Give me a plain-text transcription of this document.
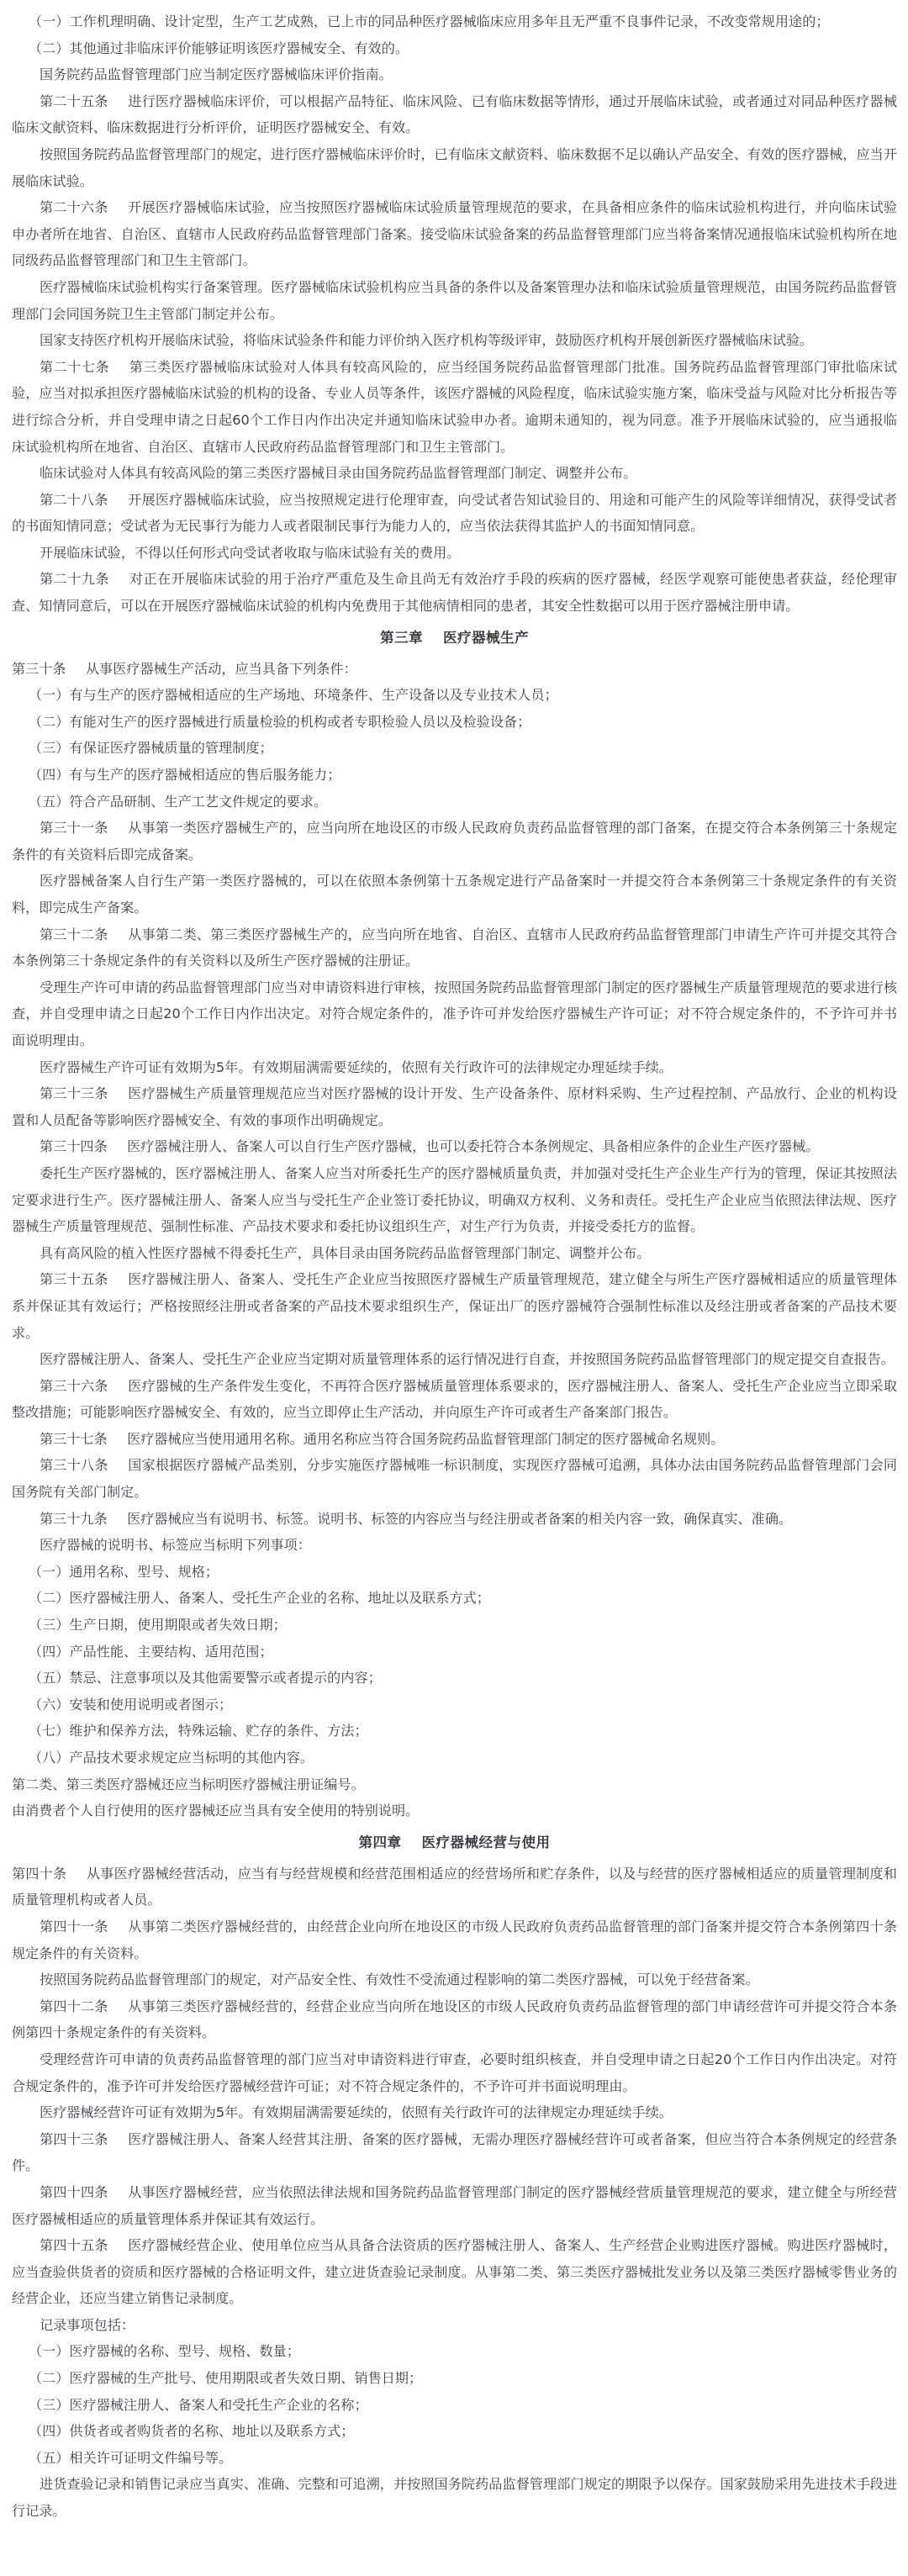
（一）工作机理明确、设计定型，生产工艺成熟，已上市的同品种医疗器械临床应用多年且无严重不良事件记录，不改变常规用途的；

（二）其他通过非临床评价能够证明该医疗器械安全、有效的。

国务院药品监督管理部门应当制定医疗器械临床评价指南。

第二十五条 进行医疗器械临床评价，可以根据产品特征、临床风险、已有临床数据等情形，通过开展临床试验，或者通过对同品种医疗器械临床文献资料、临床数据进行分析评价，证明医疗器械安全、有效。

按照国务院药品监督管理部门的规定，进行医疗器械临床评价时，已有临床文献资料、临床数据不足以确认产品安全、有效的医疗器械，应当开展临床试验。

第二十六条 开展医疗器械临床试验，应当按照医疗器械临床试验质量管理规范的要求，在具备相应条件的临床试验机构进行，并向临床试验申办者所在地省、自治区、直辖市人民政府药品监督管理部门备案。接受临床试验备案的药品监督管理部门应当将备案情况通报临床试验机构所在地同级药品监督管理部门和卫生主管部门。

医疗器械临床试验机构实行备案管理。医疗器械临床试验机构应当具备的条件以及备案管理办法和临床试验质量管理规范，由国务院药品监督管理部门会同国务院卫生主管部门制定并公布。

国家支持医疗机构开展临床试验，将临床试验条件和能力评价纳入医疗机构等级评审，鼓励医疗机构开展创新医疗器械临床试验。

第二十七条 第三类医疗器械临床试验对人体具有较高风险的，应当经国务院药品监督管理部门批准。国务院药品监督管理部门审批临床试验，应当对拟承担医疗器械临床试验的机构的设备、专业人员等条件，该医疗器械的风险程度，临床试验实施方案，临床受益与风险对比分析报告等进行综合分析，并自受理申请之日起60个工作日内作出决定并通知临床试验申办者。逾期未通知的，视为同意。准予开展临床试验的，应当通报临床试验机构所在地省、自治区、直辖市人民政府药品监督管理部门和卫生主管部门。

临床试验对人体具有较高风险的第三类医疗器械目录由国务院药品监督管理部门制定、调整并公布。

第二十八条 开展医疗器械临床试验，应当按照规定进行伦理审查，向受试者告知试验目的、用途和可能产生的风险等详细情况，获得受试者的书面知情同意；受试者为无民事行为能力人或者限制民事行为能力人的，应当依法获得其监护人的书面知情同意。

开展临床试验，不得以任何形式向受试者收取与临床试验有关的费用。

第二十九条 对正在开展临床试验的用于治疗严重危及生命且尚无有效治疗手段的疾病的医疗器械，经医学观察可能使患者获益，经伦理审查、知情同意后，可以在开展医疗器械临床试验的机构内免费用于其他病情相同的患者，其安全性数据可以用于医疗器械注册申请。

第三章 医疗器械生产

第三十条 从事医疗器械生产活动，应当具备下列条件：

（一）有与生产的医疗器械相适应的生产场地、环境条件、生产设备以及专业技术人员；

（二）有能对生产的医疗器械进行质量检验的机构或者专职检验人员以及检验设备；

（三）有保证医疗器械质量的管理制度；

（四）有与生产的医疗器械相适应的售后服务能力；

（五）符合产品研制、生产工艺文件规定的要求。

第三十一条 从事第一类医疗器械生产的，应当向所在地设区的市级人民政府负责药品监督管理的部门备案，在提交符合本条例第三十条规定条件的有关资料后即完成备案。

医疗器械备案人自行生产第一类医疗器械的，可以在依照本条例第十五条规定进行产品备案时一并提交符合本条例第三十条规定条件的有关资料，即完成生产备案。

第三十二条 从事第二类、第三类医疗器械生产的，应当向所在地省、自治区、直辖市人民政府药品监督管理部门申请生产许可并提交其符合本条例第三十条规定条件的有关资料以及所生产医疗器械的注册证。

受理生产许可申请的药品监督管理部门应当对申请资料进行审核，按照国务院药品监督管理部门制定的医疗器械生产质量管理规范的要求进行核查，并自受理申请之日起20个工作日内作出决定。对符合规定条件的，准予许可并发给医疗器械生产许可证；对不符合规定条件的，不予许可并书面说明理由。

医疗器械生产许可证有效期为5年。有效期届满需要延续的，依照有关行政许可的法律规定办理延续手续。

第三十三条 医疗器械生产质量管理规范应当对医疗器械的设计开发、生产设备条件、原材料采购、生产过程控制、产品放行、企业的机构设置和人员配备等影响医疗器械安全、有效的事项作出明确规定。

第三十四条 医疗器械注册人、备案人可以自行生产医疗器械，也可以委托符合本条例规定、具备相应条件的企业生产医疗器械。

委托生产医疗器械的，医疗器械注册人、备案人应当对所委托生产的医疗器械质量负责，并加强对受托生产企业生产行为的管理，保证其按照法定要求进行生产。医疗器械注册人、备案人应当与受托生产企业签订委托协议，明确双方权利、义务和责任。受托生产企业应当依照法律法规、医疗器械生产质量管理规范、强制性标准、产品技术要求和委托协议组织生产，对生产行为负责，并接受委托方的监督。

具有高风险的植入性医疗器械不得委托生产，具体目录由国务院药品监督管理部门制定、调整并公布。

第三十五条 医疗器械注册人、备案人、受托生产企业应当按照医疗器械生产质量管理规范，建立健全与所生产医疗器械相适应的质量管理体系并保证其有效运行；严格按照经注册或者备案的产品技术要求组织生产，保证出厂的医疗器械符合强制性标准以及经注册或者备案的产品技术要求。

医疗器械注册人、备案人、受托生产企业应当定期对质量管理体系的运行情况进行自查，并按照国务院药品监督管理部门的规定提交自查报告。

第三十六条 医疗器械的生产条件发生变化，不再符合医疗器械质量管理体系要求的，医疗器械注册人、备案人、受托生产企业应当立即采取整改措施；可能影响医疗器械安全、有效的，应当立即停止生产活动，并向原生产许可或者生产备案部门报告。

第三十七条 医疗器械应当使用通用名称。通用名称应当符合国务院药品监督管理部门制定的医疗器械命名规则。

第三十八条 国家根据医疗器械产品类别，分步实施医疗器械唯一标识制度，实现医疗器械可追溯，具体办法由国务院药品监督管理部门会同国务院有关部门制定。

第三十九条 医疗器械应当有说明书、标签。说明书、标签的内容应当与经注册或者备案的相关内容一致，确保真实、准确。

医疗器械的说明书、标签应当标明下列事项：

（一）通用名称、型号、规格；

（二）医疗器械注册人、备案人、受托生产企业的名称、地址以及联系方式；

（三）生产日期，使用期限或者失效日期；

（四）产品性能、主要结构、适用范围；

（五）禁忌、注意事项以及其他需要警示或者提示的内容；

（六）安装和使用说明或者图示；

（七）维护和保养方法，特殊运输、贮存的条件、方法；

（八）产品技术要求规定应当标明的其他内容。

第二类、第三类医疗器械还应当标明医疗器械注册证编号。

由消费者个人自行使用的医疗器械还应当具有安全使用的特别说明。

第四章 医疗器械经营与使用

第四十条 从事医疗器械经营活动，应当有与经营规模和经营范围相适应的经营场所和贮存条件，以及与经营的医疗器械相适应的质量管理制度和质量管理机构或者人员。

第四十一条 从事第二类医疗器械经营的，由经营企业向所在地设区的市级人民政府负责药品监督管理的部门备案并提交符合本条例第四十条规定条件的有关资料。

按照国务院药品监督管理部门的规定，对产品安全性、有效性不受流通过程影响的第二类医疗器械，可以免于经营备案。

第四十二条 从事第三类医疗器械经营的，经营企业应当向所在地设区的市级人民政府负责药品监督管理的部门申请经营许可并提交符合本条例第四十条规定条件的有关资料。

受理经营许可申请的负责药品监督管理的部门应当对申请资料进行审查，必要时组织核查，并自受理申请之日起20个工作日内作出决定。对符合规定条件的，准予许可并发给医疗器械经营许可证；对不符合规定条件的，不予许可并书面说明理由。

医疗器械经营许可证有效期为5年。有效期届满需要延续的，依照有关行政许可的法律规定办理延续手续。

第四十三条 医疗器械注册人、备案人经营其注册、备案的医疗器械，无需办理医疗器械经营许可或者备案，但应当符合本条例规定的经营条件。

第四十四条 从事医疗器械经营，应当依照法律法规和国务院药品监督管理部门制定的医疗器械经营质量管理规范的要求，建立健全与所经营医疗器械相适应的质量管理体系并保证其有效运行。

第四十五条 医疗器械经营企业、使用单位应当从具备合法资质的医疗器械注册人、备案人、生产经营企业购进医疗器械。购进医疗器械时，应当查验供货者的资质和医疗器械的合格证明文件，建立进货查验记录制度。从事第二类、第三类医疗器械批发业务以及第三类医疗器械零售业务的经营企业，还应当建立销售记录制度。

记录事项包括：

（一）医疗器械的名称、型号、规格、数量；

（二）医疗器械的生产批号、使用期限或者失效日期、销售日期；

（三）医疗器械注册人、备案人和受托生产企业的名称；

（四）供货者或者购货者的名称、地址以及联系方式；

（五）相关许可证明文件编号等。

进货查验记录和销售记录应当真实、准确、完整和可追溯，并按照国务院药品监督管理部门规定的期限予以保存。国家鼓励采用先进技术手段进行记录。
